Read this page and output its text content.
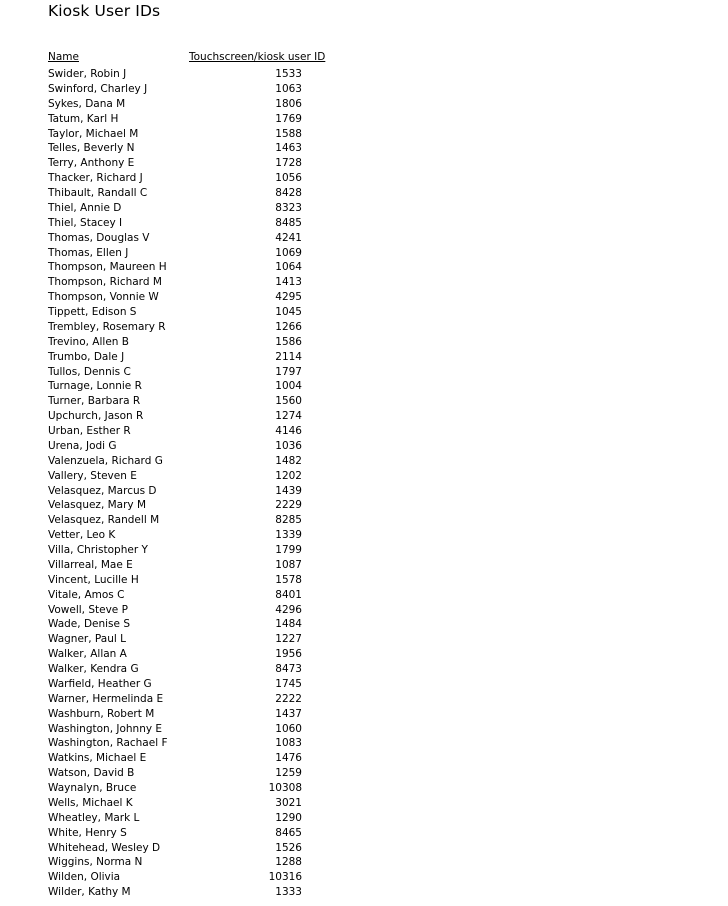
Kiosk User IDs
Name	Touchscreen/kiosk user ID
Swider, Robin J	1533
Swinford, Charley J	1063
Sykes, Dana M	1806
Tatum, Karl H	1769
Taylor, Michael M	1588
Telles, Beverly N	1463
Terry, Anthony E	1728
Thacker, Richard J	1056
Thibault, Randall C	8428
Thiel, Annie D	8323
Thiel, Stacey I	8485
Thomas, Douglas V	4241
Thomas, Ellen J	1069
Thompson, Maureen H	1064
Thompson, Richard M	1413
Thompson, Vonnie W	4295
Tippett, Edison S	1045
Trembley, Rosemary R	1266
Trevino, Allen B	1586
Trumbo, Dale J	2114
Tullos, Dennis C	1797
Turnage, Lonnie R	1004
Turner, Barbara R	1560
Upchurch, Jason R	1274
Urban, Esther R	4146
Urena, Jodi G	1036
Valenzuela, Richard G	1482
Vallery, Steven E	1202
Velasquez, Marcus D	1439
Velasquez, Mary M	2229
Velasquez, Randell M	8285
Vetter, Leo K	1339
Villa, Christopher Y	1799
Villarreal, Mae E	1087
Vincent, Lucille H	1578
Vitale, Amos C	8401
Vowell, Steve P	4296
Wade, Denise S	1484
Wagner, Paul L	1227
Walker, Allan A	1956
Walker, Kendra G	8473
Warfield, Heather G	1745
Warner, Hermelinda E	2222
Washburn, Robert M	1437
Washington, Johnny E	1060
Washington, Rachael F	1083
Watkins, Michael E	1476
Watson, David B	1259
Waynalyn, Bruce	10308
Wells, Michael K	3021
Wheatley, Mark L	1290
White, Henry S	8465
Whitehead, Wesley D	1526
Wiggins, Norma N	1288
Wilden, Olivia	10316
Wilder, Kathy M	1333
